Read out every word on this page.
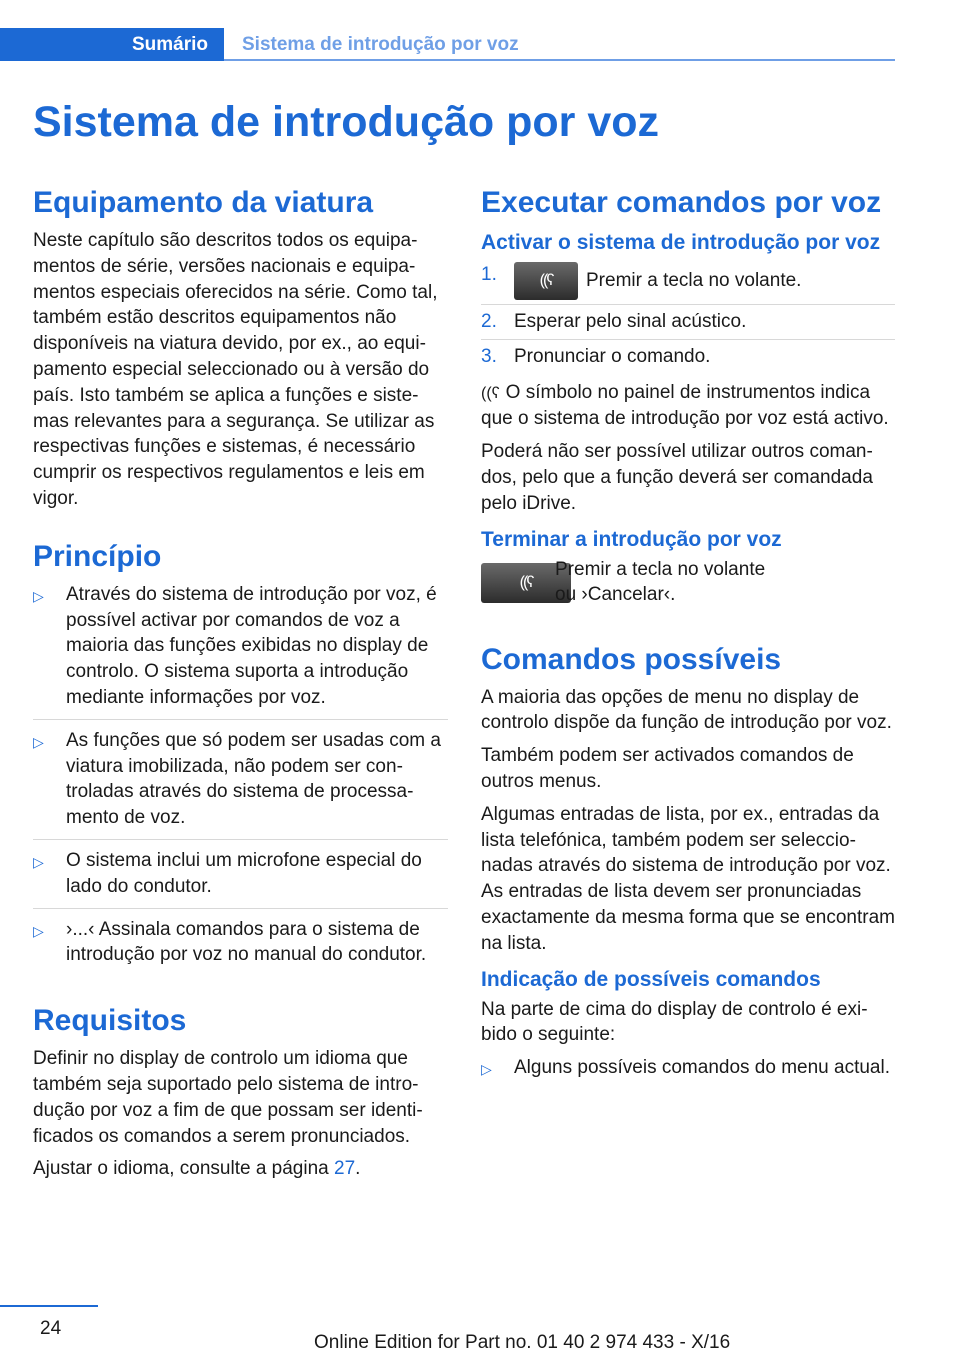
Sumário	Sistema de introdução por voz
Sistema de introdução por voz
Equipamento da viatura

Neste capítulo são descritos todos os equipamentos de série, versões nacionais e equipamentos especiais oferecidos na série. Como tal, também estão descritos equipamentos não disponíveis na viatura devido, por ex., ao equipamento especial seleccionado ou à versão do país. Isto também se aplica a funções e sistemas relevantes para a segurança. Se utilizar as respectivas funções e sistemas, é necessário cumprir os respectivos regulamentos e leis em vigor.

Princípio
▷ Através do sistema de introdução por voz, é possível activar por comandos de voz a maioria das funções exibidas no display de controlo. O sistema suporta a introdução mediante informações por voz.
▷ As funções que só podem ser usadas com a viatura imobilizada, não podem ser controladas através do sistema de processamento de voz.
▷ O sistema inclui um microfone especial do lado do condutor.
▷ ›...‹ Assinala comandos para o sistema de introdução por voz no manual do condutor.
Requisitos

Definir no display de controlo um idioma que também seja suportado pelo sistema de introdução por voz a fim de que possam ser identificados os comandos a serem pronunciados.

Ajustar o idioma, consulte a página 27.

Executar comandos por voz
Activar o sistema de introdução por voz
1.	((ʕ Premir a tecla no volante.
2. Esperar pelo sinal acústico.
3. Pronunciar o comando.

((ʕ O símbolo no painel de instrumentos indica que o sistema de introdução por voz está activo.

Poderá não ser possível utilizar outros comandos, pelo que a função deverá ser comandada pelo iDrive.

Terminar a introdução por voz
((ʕ

Premir a tecla no volante
ou ›Cancelar‹.

Comandos possíveis

A maioria das opções de menu no display de controlo dispõe da função de introdução por voz.

Também podem ser activados comandos de outros menus.

Algumas entradas de lista, por ex., entradas da lista telefónica, também podem ser seleccionadas através do sistema de introdução por voz. As entradas de lista devem ser pronunciadas exactamente da mesma forma que se encontram na lista.

Indicação de possíveis comandos

Na parte de cima do display de controlo é exibido o seguinte:

▷ Alguns possíveis comandos do menu actual.
24
Online Edition for Part no. 01 40 2 974 433 - X/16
